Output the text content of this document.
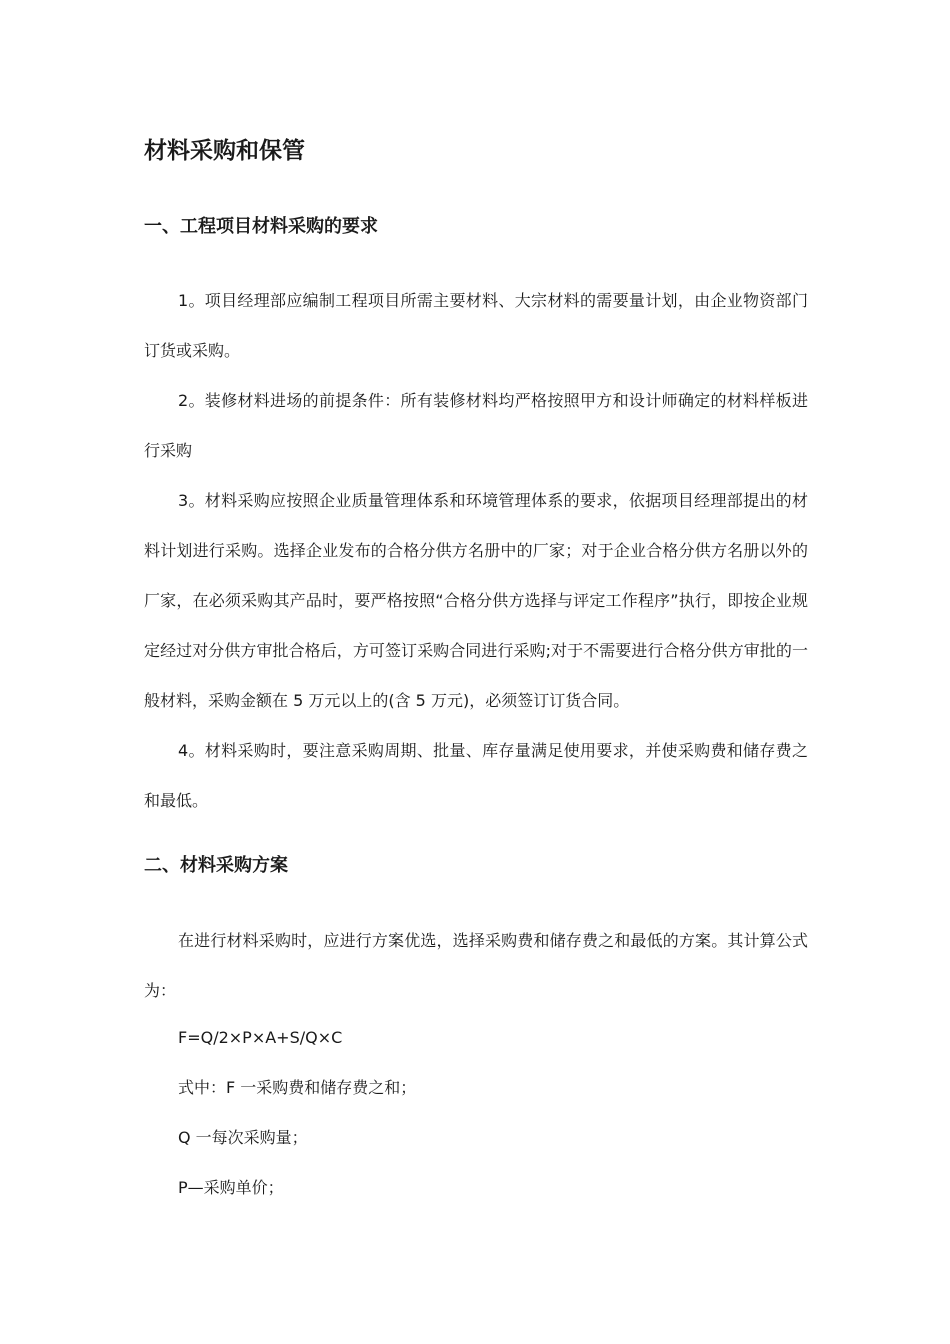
材料采购和保管
一、工程项目材料采购的要求

1。项目经理部应编制工程项目所需主要材料、大宗材料的需要量计划，由企业物资部门订货或采购。

2。装修材料进场的前提条件：所有装修材料均严格按照甲方和设计师确定的材料样板进行采购

3。材料采购应按照企业质量管理体系和环境管理体系的要求，依据项目经理部提出的材料计划进行采购。选择企业发布的合格分供方名册中的厂家；对于企业合格分供方名册以外的厂家，在必须采购其产品时，要严格按照“合格分供方选择与评定工作程序”执行，即按企业规定经过对分供方审批合格后，方可签订采购合同进行采购;对于不需要进行合格分供方审批的一般材料，采购金额在 5 万元以上的(含 5 万元)，必须签订订货合同。

4。材料采购时，要注意采购周期、批量、库存量满足使用要求，并使采购费和储存费之和最低。

二、材料采购方案

在进行材料采购时，应进行方案优选，选择采购费和储存费之和最低的方案。其计算公式为：

F=Q/2×P×A+S/Q×C
式中：F 一采购费和储存费之和；
Q 一每次采购量；
P—采购单价；
